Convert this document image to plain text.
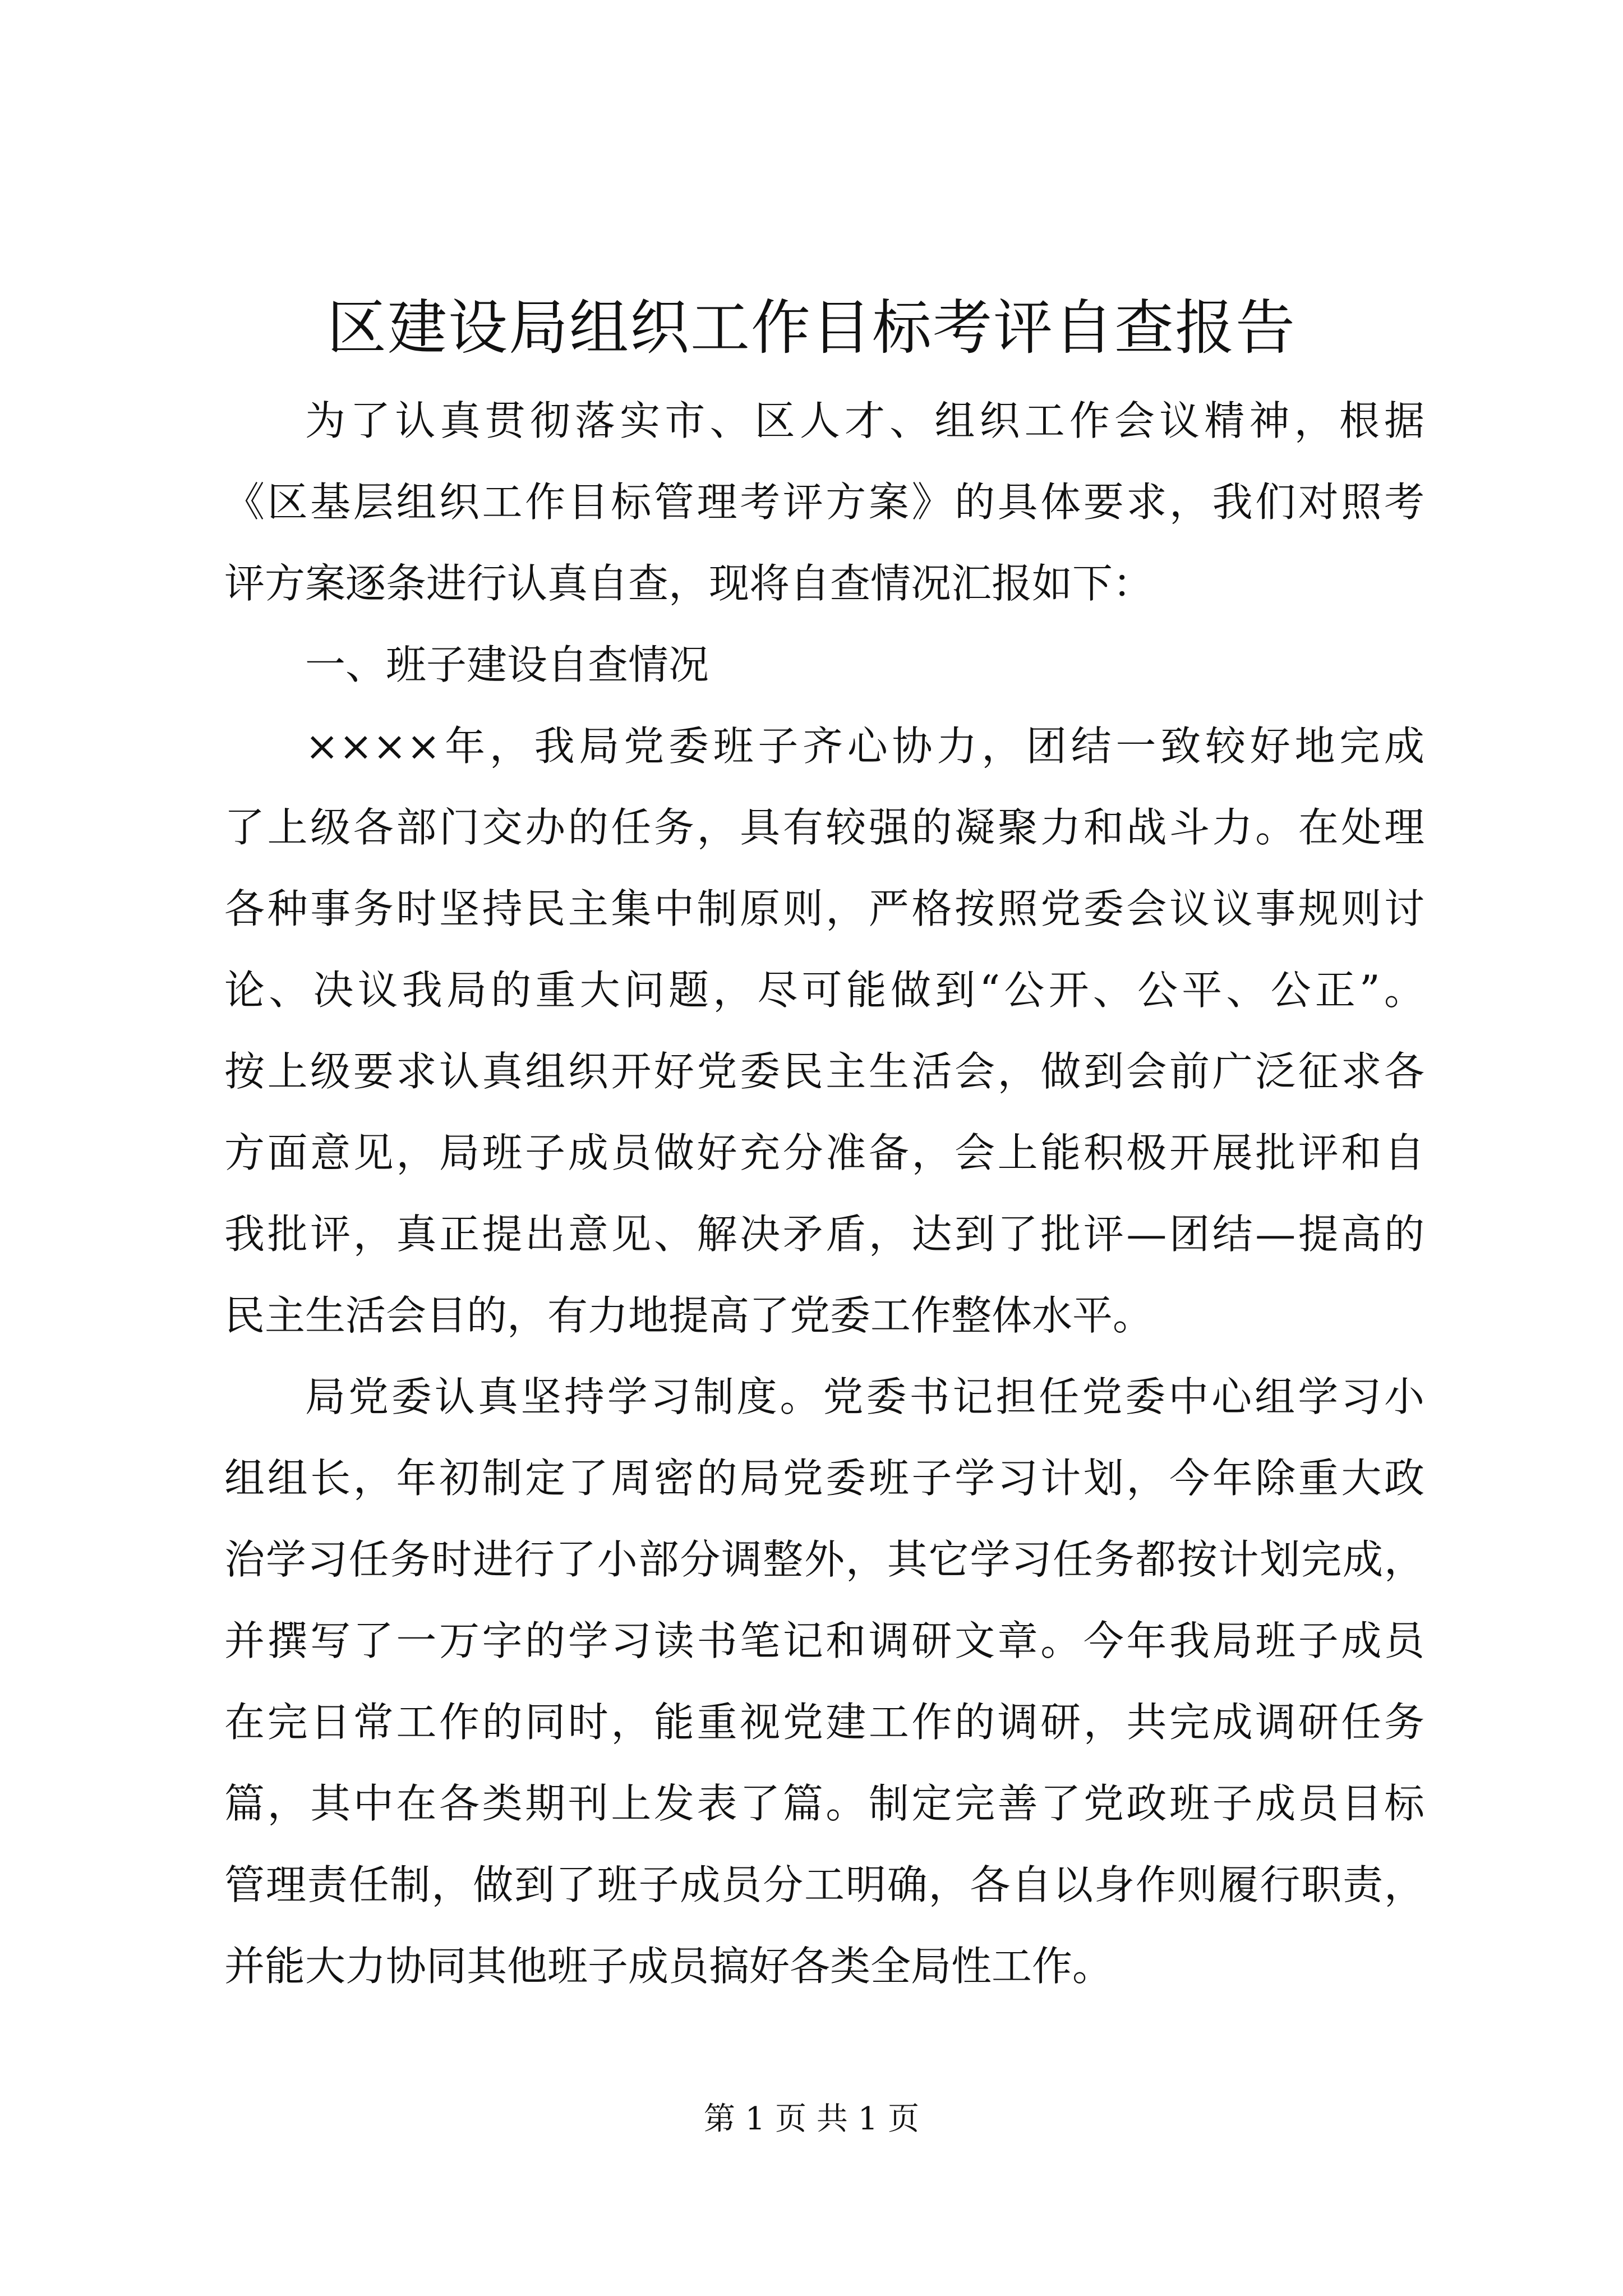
区建设局组织工作目标考评自查报告
为了认真贯彻落实市、区人才、组织工作会议精神，根据
《区基层组织工作目标管理考评方案》的具体要求，我们对照考
评方案逐条进行认真自查，现将自查情况汇报如下：
一、班子建设自查情况
××××年，我局党委班子齐心协力，团结一致较好地完成
了上级各部门交办的任务，具有较强的凝聚力和战斗力。在处理
各种事务时坚持民主集中制原则，严格按照党委会议议事规则讨
论、决议我局的重大问题，尽可能做到“公开、公平、公正”。
按上级要求认真组织开好党委民主生活会，做到会前广泛征求各
方面意见，局班子成员做好充分准备，会上能积极开展批评和自
我批评，真正提出意见、解决矛盾，达到了批评—团结—提高的
民主生活会目的，有力地提高了党委工作整体水平。
局党委认真坚持学习制度。党委书记担任党委中心组学习小
组组长，年初制定了周密的局党委班子学习计划，今年除重大政
治学习任务时进行了小部分调整外，其它学习任务都按计划完成，
并撰写了一万字的学习读书笔记和调研文章。今年我局班子成员
在完日常工作的同时，能重视党建工作的调研，共完成调研任务
篇，其中在各类期刊上发表了篇。制定完善了党政班子成员目标
管理责任制，做到了班子成员分工明确，各自以身作则履行职责，
并能大力协同其他班子成员搞好各类全局性工作。
第 1 页 共 1 页
